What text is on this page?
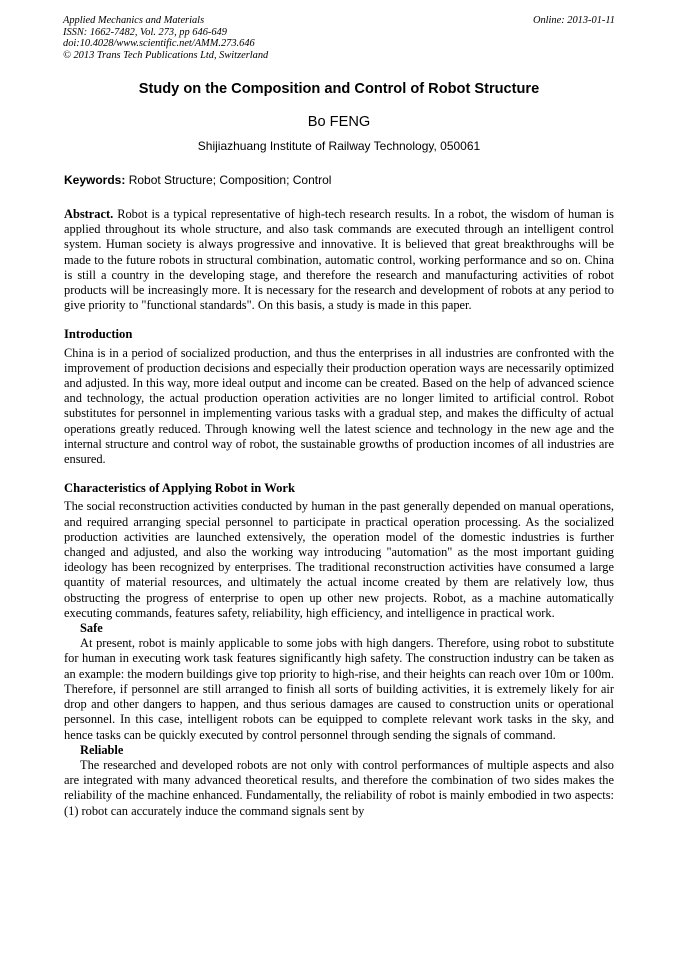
Applied Mechanics and Materials
ISSN: 1662-7482, Vol. 273, pp 646-649
doi:10.4028/www.scientific.net/AMM.273.646
© 2013 Trans Tech Publications Ltd, Switzerland
Online: 2013-01-11
Study on the Composition and Control of Robot Structure
Bo FENG
Shijiazhuang Institute of Railway Technology, 050061
Keywords: Robot Structure; Composition; Control

Abstract. Robot is a typical representative of high-tech research results. In a robot, the wisdom of human is applied throughout its whole structure, and also task commands are executed through an intelligent control system. Human society is always progressive and innovative. It is believed that great breakthroughs will be made to the future robots in structural combination, automatic control, working performance and so on. China is still a country in the developing stage, and therefore the research and manufacturing activities of robot products will be increasingly more. It is necessary for the research and development of robots at any period to give priority to "functional standards". On this basis, a study is made in this paper.

Introduction

China is in a period of socialized production, and thus the enterprises in all industries are confronted with the improvement of production decisions and especially their production operation ways are necessarily optimized and adjusted. In this way, more ideal output and income can be created. Based on the help of advanced science and technology, the actual production operation activities are no longer limited to artificial control. Robot substitutes for personnel in implementing various tasks with a gradual step, and makes the difficulty of actual operations greatly reduced. Through knowing well the latest science and technology in the new age and the internal structure and control way of robot, the sustainable growths of production incomes of all industries are ensured.

Characteristics of Applying Robot in Work

The social reconstruction activities conducted by human in the past generally depended on manual operations, and required arranging special personnel to participate in practical operation processing. As the socialized production activities are launched extensively, the operation model of the domestic industries is further changed and adjusted, and also the working way introducing "automation" as the most important guiding ideology has been recognized by enterprises. The traditional reconstruction activities have consumed a large quantity of material resources, and ultimately the actual income created by them are relatively low, thus obstructing the progress of enterprise to open up other new projects. Robot, as a machine automatically executing commands, features safety, reliability, high efficiency, and intelligence in practical work.

Safe

At present, robot is mainly applicable to some jobs with high dangers. Therefore, using robot to substitute for human in executing work task features significantly high safety. The construction industry can be taken as an example: the modern buildings give top priority to high-rise, and their heights can reach over 10m or 100m. Therefore, if personnel are still arranged to finish all sorts of building activities, it is extremely likely for air drop and other dangers to happen, and thus serious damages are caused to construction units or operational personnel. In this case, intelligent robots can be equipped to complete relevant work tasks in the sky, and hence tasks can be quickly executed by control personnel through sending the signals of command.

Reliable

The researched and developed robots are not only with control performances of multiple aspects and also are integrated with many advanced theoretical results, and therefore the combination of two sides makes the reliability of the machine enhanced. Fundamentally, the reliability of robot is mainly embodied in two aspects: (1) robot can accurately induce the command signals sent by
